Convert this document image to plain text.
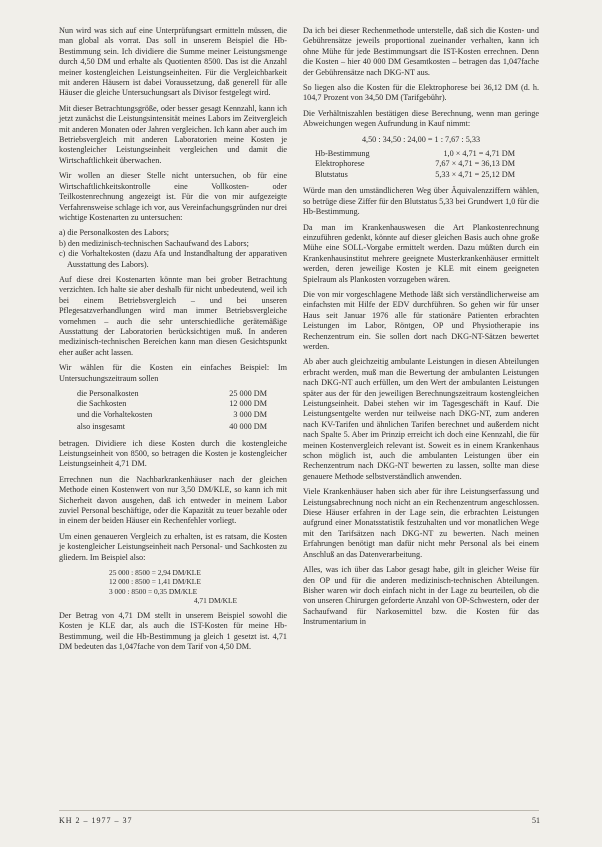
Nun wird was sich auf eine Unterprüfungsart ermitteln müssen, die man global als vorrat. Das soll in unserem Beispiel die Hb-Bestimmung sein. Ich dividiere die Summe meiner Leistungsmenge durch 4,50 DM und erhalte als Quotienten 8500. Das ist die Anzahl meiner kostengleichen Leistungseinheiten. Für die Vergleichbarkeit mit anderen Häusern ist dabei Voraussetzung, daß generell für alle Häuser die gleiche Untersuchungsart als Divisor festgelegt wird.

Mit dieser Betrachtungsgröße, oder besser gesagt Kennzahl, kann ich jetzt zunächst die Leistungsintensität meines Labors im Zeitvergleich mit anderen Monaten oder Jahren vergleichen. Ich kann aber auch im Betriebsvergleich mit anderen Laboratorien meine Kosten je kostengleicher Leistungseinheit vergleichen und damit die Wirtschaftlichkeit überwachen.

Wir wollen an dieser Stelle nicht untersuchen, ob für eine Wirtschaftlichkeitskontrolle eine Vollkosten- oder Teilkostenrechnung angezeigt ist. Für die von mir aufgezeigte Verfahrensweise schlage ich vor, aus Vereinfachungsgründen nur drei wichtige Kostenarten zu untersuchen:

a) die Personalkosten des Labors;
b) den medizinisch-technischen Sachaufwand des Labors;
c) die Vorhaltekosten (dazu Afa und Instandhaltung der apparativen Ausstattung des Labors).

Auf diese drei Kostenarten könnte man bei grober Betrachtung verzichten. Ich halte sie aber deshalb für nicht unbedeutend, weil ich bei einem Betriebsvergleich – und bei unseren Pflegesatzverhandlungen wird man immer Betriebsvergleiche vornehmen – auch die sehr unterschiedliche gerätemäßige Ausstattung der Laboratorien berücksichtigen muß. In anderen medizinisch-technischen Bereichen kann man diesen Gesichtspunkt eher außer acht lassen.

Wir wählen für die Kosten ein einfaches Beispiel: Im Untersuchungszeitraum sollen

die Personalkosten	25 000 DM
die Sachkosten	12 000 DM
und die Vorhaltekosten	3 000 DM
also insgesamt	40 000 DM

betragen. Dividiere ich diese Kosten durch die kostengleiche Leistungseinheit von 8500, so betragen die Kosten je kostengleicher Leistungseinheit 4,71 DM.

Errechnen nun die Nachbarkrankenhäuser nach der gleichen Methode einen Kostenwert von nur 3,50 DM/KLE, so kann ich mit Sicherheit davon ausgehen, daß ich entweder in meinem Labor zuviel Personal beschäftige, oder die Kapazität zu teuer bezahle oder in einem der beiden Häuser ein Rechenfehler vorliegt.

Um einen genaueren Vergleich zu erhalten, ist es ratsam, die Kosten je kostengleicher Leistungseinheit nach Personal- und Sachkosten zu gliedern. Im Beispiel also:

25 000 : 8500 = 2,94 DM/KLE
12 000 : 8500 = 1,41 DM/KLE
3 000 : 8500 = 0,35 DM/KLE
4,71 DM/KLE

Der Betrag von 4,71 DM stellt in unserem Beispiel sowohl die Kosten je KLE dar, als auch die IST-Kosten für meine Hb-Bestimmung, weil die Hb-Bestimmung ja gleich 1 gesetzt ist. 4,71 DM bedeuten das 1,047fache von dem Tarif von 4,50 DM.

Da ich bei dieser Rechenmethode unterstelle, daß sich die Kosten- und Gebührensätze jeweils proportional zueinander verhalten, kann ich ohne Mühe für jede Bestimmungsart die IST-Kosten errechnen. Denn die Kosten – hier 40 000 DM Gesamtkosten – betragen das 1,047fache der Gebührensätze nach DKG-NT aus.

So liegen also die Kosten für die Elektrophorese bei 36,12 DM (d. h. 104,7 Prozent von 34,50 DM (Tarifgebühr).

Die Verhältniszahlen bestätigen diese Berechnung, wenn man geringe Abweichungen wegen Aufrundung in Kauf nimmt:

4,50 : 34,50 : 24,00 = 1 : 7,67 : 5,33
Hb-Bestimmung	1,0 × 4,71 = 4,71 DM
Elektrophorese	7,67 × 4,71 = 36,13 DM
Blutstatus	5,33 × 4,71 = 25,12 DM

Würde man den umständlicheren Weg über Äquivalenzziffern wählen, so betrüge diese Ziffer für den Blutstatus 5,33 bei Grundwert 1,0 für die Hb-Bestimmung.

Da man im Krankenhauswesen die Art Plankostenrechnung einzuführen gedenkt, könnte auf dieser gleichen Basis auch ohne große Mühe eine SOLL-Vorgabe ermittelt werden. Dazu müßten durch ein Krankenhausinstitut mehrere geeignete Musterkrankenhäuser ermittelt werden, deren jeweilige Kosten je KLE mit einem geeigneten Spielraum als Plankosten vorzugeben wären.

Die von mir vorgeschlagene Methode läßt sich verständlicherweise am einfachsten mit Hilfe der EDV durchführen. So gehen wir für unser Haus seit Januar 1976 alle für stationäre Patienten erbrachten Leistungen im Labor, Röntgen, OP und Physiotherapie ins Rechenzentrum ein. Sie sollen dort nach DKG-NT-Sätzen bewertet werden.

Ab aber auch gleichzeitig ambulante Leistungen in diesen Abteilungen erbracht werden, muß man die Bewertung der ambulanten Leistungen nach DKG-NT auch erfüllen, um den Wert der ambulanten Leistungen später aus der für den jeweiligen Berechnungszeitraum kostengleichen Leistungseinheit. Dabei stehen wir im Tagesgeschäft in Kauf. Die Leistungsentgelte werden nur teilweise nach DKG-NT, zum anderen nach KV-Tarifen und ähnlichen Tarifen berechnet und außerdem nicht nach Spalte 5. Aber im Prinzip erreicht ich doch eine Kennzahl, die für meinen Kostenvergleich relevant ist. Soweit es in einem Krankenhaus schon möglich ist, auch die ambulanten Leistungen über ein Rechenzentrum nach DKG-NT bewerten zu lassen, sollte man diese genauere Methode selbstverständlich anwenden.

Viele Krankenhäuser haben sich aber für ihre Leistungserfassung und Leistungsabrechnung noch nicht an ein Rechenzentrum angeschlossen. Diese Häuser erfahren in der Lage sein, die erbrachten Leistungen aufgrund einer Monatsstatistik festzuhalten und vor monatlichen Wege mit den Tarifsätzen nach DKG-NT zu bewerten. Nach meinen Erfahrungen benötigt man dafür nicht mehr Personal als bei einem Anschluß an das Datenverarbeitung.

Alles, was ich über das Labor gesagt habe, gilt in gleicher Weise für den OP und für die anderen medizinisch-technischen Abteilungen. Bisher waren wir doch einfach nicht in der Lage zu beurteilen, ob die von unseren Chirurgen geforderte Anzahl von OP-Schwestern, oder der Sachaufwand für Narkosemittel bzw. die Kosten für das Instrumentarium in

KH 2 – 1977 – 37	51
